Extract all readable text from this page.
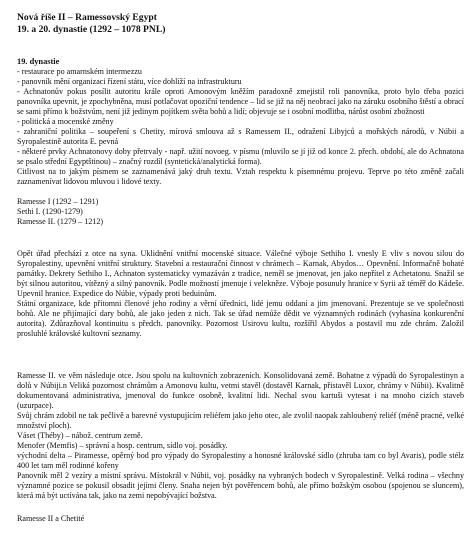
Nová říše II – Ramessovský Egypt

19. a 20. dynastie (1292 – 1078 PNL)

19. dynastie

- restaurace po amarnském intermezzu

- panovník mění organizaci řízení státu, více dohlíží na infrastrukturu

- Achnatonův pokus posílit autoritu krále oproti Amonovým kněžím paradoxně zmejistil roli panovníka, proto bylo třeba pozici panovníka upevnit, je zpochybněna, musí potlačovat opoziční tendence – lid se již na něj neobrací jako na záruku osobního štěstí a obrací se sami přímo k božstvům, není již jedinym pojítkem světa bohů a lidí; objevuje se i osobní modlitba, nárůst osobní zbožnosti

- politická a mocenské změny

- zahraniční politika – soupeření s Chetity, mírová smlouva až s Ramessem II., odražení Libyjců a mořských národů, v Núbii a Syropalestině autorita E. pevná

- některé prvky Achnatonovy doby přetrvaly - např. užití novoeg. v písmu (mluvilo se jí již od konce 2. přech. období, ale do Achnatona se psalo střední Egyptštinou) – značný rozdíl (syntetická/analytická forma).

Citlivost na to jakým písmem se zaznamenává jaký druh textu. Vztah respektu k písemnému projevu. Teprve po této změně začali zaznamenívat lidovou mluvou i lidové texty.

Ramesse I (1292 – 1291)

Sethi I. (1290-1279)

Ramesse II. (1279 – 1212)

Opět úřad přechází z otce na syna. Uklidnění vnitřní mocenské situace. Válečné výboje Sethiho I. vnesly E vliv s novou silou do Syropalestiny, upevnění vnitřní struktury. Stavební a restaurační činnost v chrámech – Karnak, Abydos… Opevnění. Informačně bohaté památky. Dekrety Sethiho I., Achnaton systematicky vymazáván z tradice, neměl se jmenovat, jen jako nepřítel z Achetatonu. Snažil se být silnou autoritou, vítězný a silný panovník. Podle možností jmenuje i velekněze. Výboje posunuly hranice v Syrii až téměř do Kádeše. Upevnil hranice. Expedice do Núbie, výpady proti beduinům.

Státní organizace, kde přítomni členové jeho rodiny a věrní úředníci, lidé jemu oddaní a jim jmenovaní. Prezentuje se ve společnosti bohů. Ale ne přijímající dary bohů, ale jako jeden z nich. Tak se úřad nemůže dědit ve významných rodinách (vyhasína konkurenční autorita). Zdůrazňoval kontinuitu s předch. panovníky. Pozornost Usirovu kultu, rozšířil Abydos a postavil mu zde chrám. Založil prosluhlé královské kultovní seznamy.

Ramesse II. ve věm následuje otce. Jsou spolu na kultovních zobrazeních. Konsolidovaná země. Bohatne z výpadů do Syropalestinyn a dolů v Núbiji.n Veliká pozornost chrámům a Amonovu kultu, vetmi stavěl (dostavěl Karnak, přistavěl Luxor, chrámy v Núbii). Kvalitně dokumentovaná administrativa, jmenoval do funkce osobně, kvalitní lidi. Nechal svou kartuši vytesat i na mnoho cizích staveb (uzurpace).

Svůj chrám zdobil ne tak pečlivě a barevné vystupujícím reliéfem jako jeho otec, ale zvolil naopak zahloubený reliéf (méně pracné, velké množství ploch).

Váset (Théby) – nábož. centrum země.

Menofer (Memfis) – správní a hosp. centrum, sídlo voj. posádky.

východní delta – Piramesse, opěrný bod pro výpady do Syropalestiny a honosné královské sídlo (zhruba tam co byl Avaris), podle stélz 400 let tam měl rodinné kořeny

Panovník měl 2 vezíry a místní správu. Místokrál v Núbii, voj. posádky na vybraných bodech v Syropalestině. Velká rodina – všechny významné pozice se pokusil obsadit jejími členy. Snaha nejen být pověřencem bohů, ale přímo božským osobou (spojenou se sluncem), která má být uctívána tak, jako na zemi nepobývající božstva.

Ramesse II a Chetité
